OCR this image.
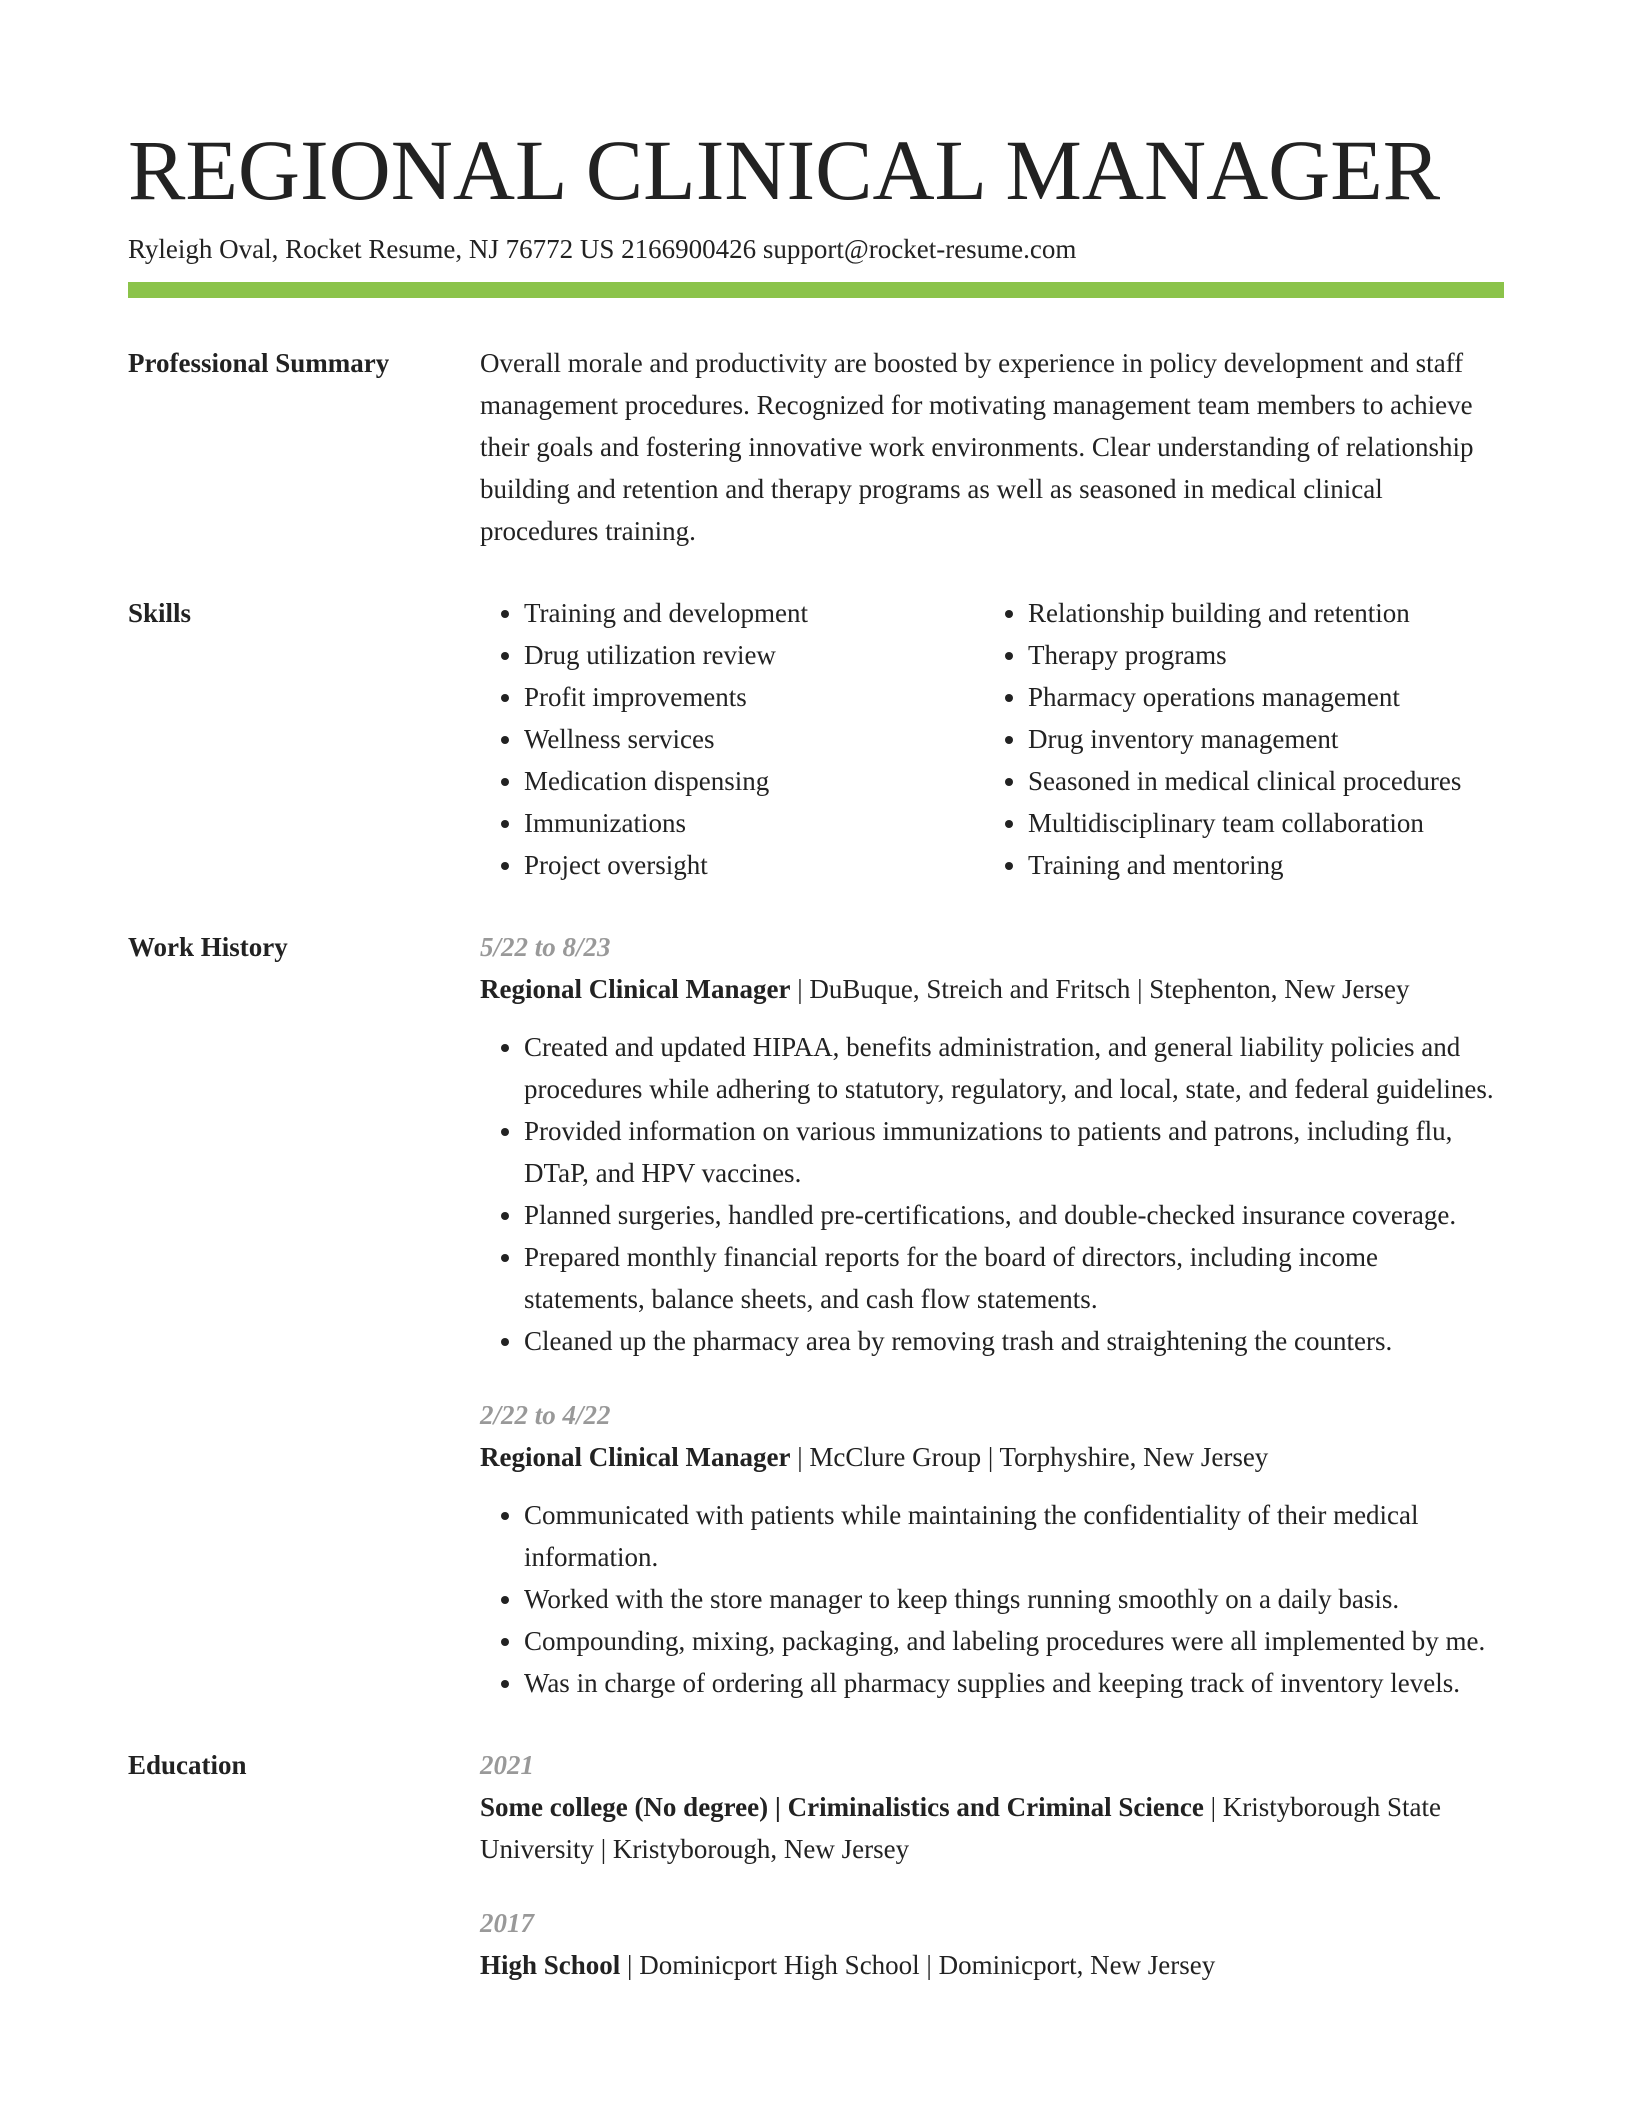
REGIONAL CLINICAL MANAGER
Ryleigh Oval, Rocket Resume, NJ 76772 US 2166900426 support@rocket-resume.com
Professional Summary	Overall morale and productivity are boosted by experience in policy development and staff management procedures. Recognized for motivating management team members to achieve their goals and fostering innovative work environments. Clear understanding of relationship building and retention and therapy programs as well as seasoned in medical clinical procedures training.

Skills
•	Training and development
• Drug utilization review
• Profit improvements
• Wellness services
• Medication dispensing
• Immunizations
• Project oversight
• Relationship building and retention
• Therapy programs
• Pharmacy operations management
• Drug inventory management
• Seasoned in medical clinical procedures
• Multidisciplinary team collaboration
• Training and mentoring
Work History	5/22 to 8/23
Regional Clinical Manager | DuBuque, Streich and Fritsch | Stephenton, New Jersey
• Created and updated HIPAA, benefits administration, and general liability policies and procedures while adhering to statutory, regulatory, and local, state, and federal guidelines.
• Provided information on various immunizations to patients and patrons, including flu, DTaP, and HPV vaccines.
• Planned surgeries, handled pre-certifications, and double-checked insurance coverage.
• Prepared monthly financial reports for the board of directors, including income statements, balance sheets, and cash flow statements.
• Cleaned up the pharmacy area by removing trash and straightening the counters.
2/22 to 4/22
Regional Clinical Manager | McClure Group | Torphyshire, New Jersey
• Communicated with patients while maintaining the confidentiality of their medical information.
• Worked with the store manager to keep things running smoothly on a daily basis.
• Compounding, mixing, packaging, and labeling procedures were all implemented by me.
• Was in charge of ordering all pharmacy supplies and keeping track of inventory levels.
Education	2021
Some college (No degree) | Criminalistics and Criminal Science | Kristyborough State University | Kristyborough, New Jersey
2017
High School | Dominicport High School | Dominicport, New Jersey
